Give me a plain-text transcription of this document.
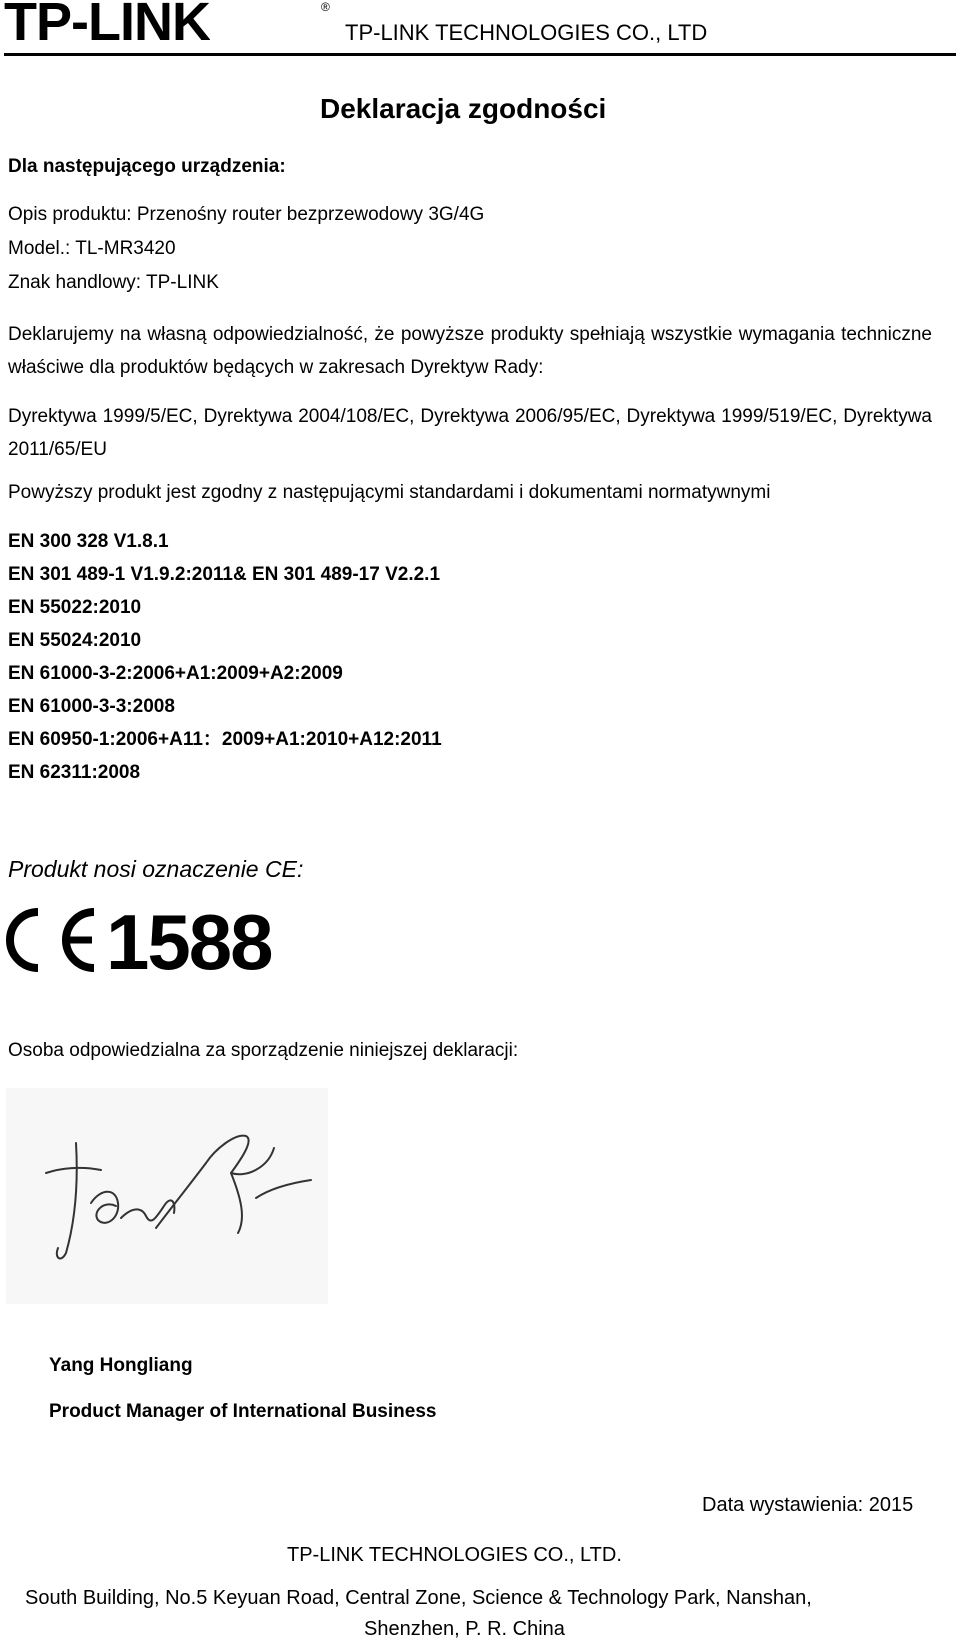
TP-LINK	®
TP-LINK TECHNOLOGIES CO., LTD
Deklaracja zgodności
Dla następującego urządzenia:
Opis produktu: Przenośny router bezprzewodowy 3G/4G
Model.: TL-MR3420
Znak handlowy: TP-LINK
Deklarujemy na własną odpowiedzialność, że powyższe produkty spełniają wszystkie wymagania techniczne właściwe dla produktów będących w zakresach Dyrektyw Rady:
Dyrektywa 1999/5/EC, Dyrektywa 2004/108/EC, Dyrektywa 2006/95/EC, Dyrektywa 1999/519/EC, Dyrektywa 2011/65/EU
Powyższy produkt jest zgodny z następującymi standardami i dokumentami normatywnymi
EN 300 328 V1.8.1
EN 301 489-1 V1.9.2:2011& EN 301 489-17 V2.2.1
EN 55022:2010
EN 55024:2010
EN 61000-3-2:2006+A1:2009+A2:2009
EN 61000-3-3:2008
EN 60950-1:2006+A11：2009+A1:2010+A12:2011
EN 62311:2008
Produkt nosi oznaczenie CE:
1588
Osoba odpowiedzialna za sporządzenie niniejszej deklaracji:
Yang Hongliang
Product Manager of International Business
Data wystawienia: 2015
TP-LINK TECHNOLOGIES CO., LTD.
South Building, No.5 Keyuan Road, Central Zone, Science & Technology Park, Nanshan,
Shenzhen, P. R. China
